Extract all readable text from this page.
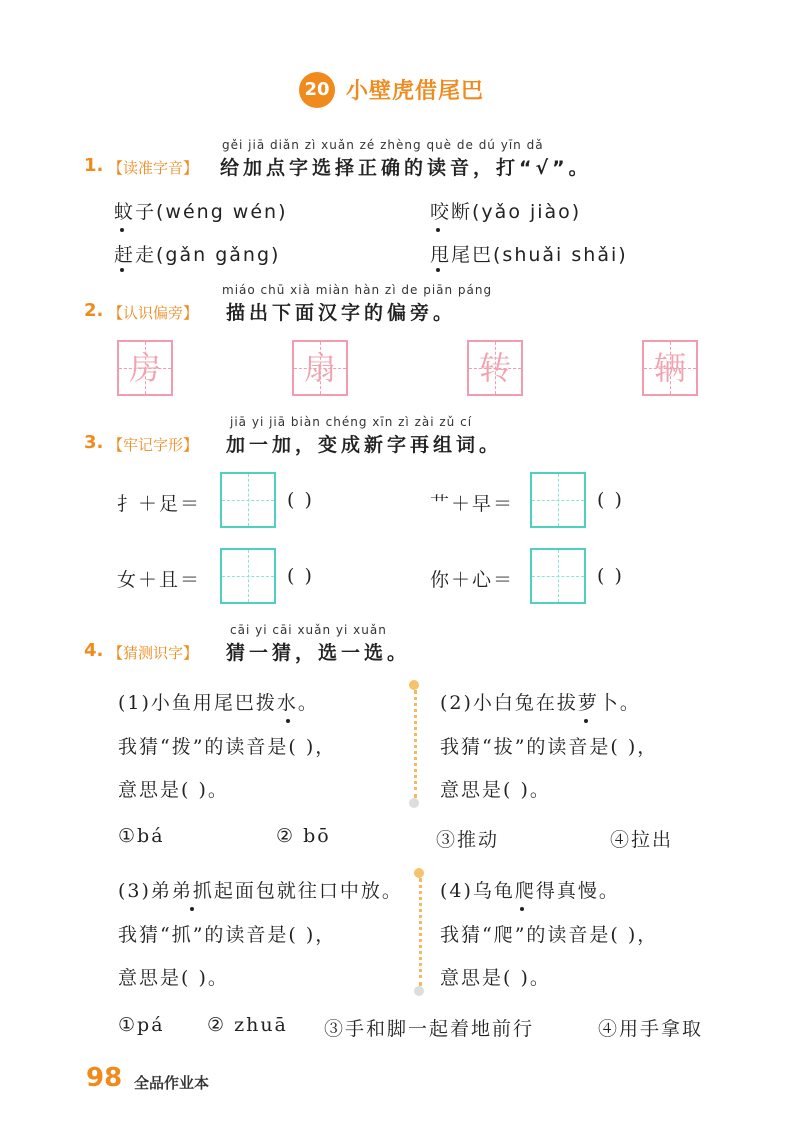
20 小壁虎借尾巴
gěi jiā diǎn zì xuǎn zé zhèng què de dú yīn dǎ
1. 【读准字音】 给加点字选择正确的读音，打“√”。
蚊子(wéng wén)	咬断(yǎo jiào)
赶走(gǎn gǎng)	甩尾巴(shuǎi shǎi)
miáo chū xià miàn hàn zì de piān páng
2. 【认识偏旁】 描出下面汉字的偏旁。
房	扇	转	辆
jiā yi jiā biàn chéng xīn zì zài zǔ cí
3. 【牢记字形】 加一加，变成新字再组词。
扌＋足＝	( )	艹＋早＝	( )
女＋且＝	( )	你＋心＝	( )
cāi yi cāi xuǎn yi xuǎn
4. 【猜测识字】 猜一猜，选一选。
(1)小鱼用尾巴拨水。
我猜“拨”的读音是( )，
意思是( )。
(2)小白兔在拔萝卜。
我猜“拔”的读音是( )，
意思是( )。
①bá	② bō	③推动	④拉出
(3)弟弟抓起面包就往口中放。
我猜“抓”的读音是( )，
意思是( )。
(4)乌龟爬得真慢。
我猜“爬”的读音是( )，
意思是( )。
①pá ② zhuā ③手和脚一起着地前行	④用手拿取
98 全品作业本
